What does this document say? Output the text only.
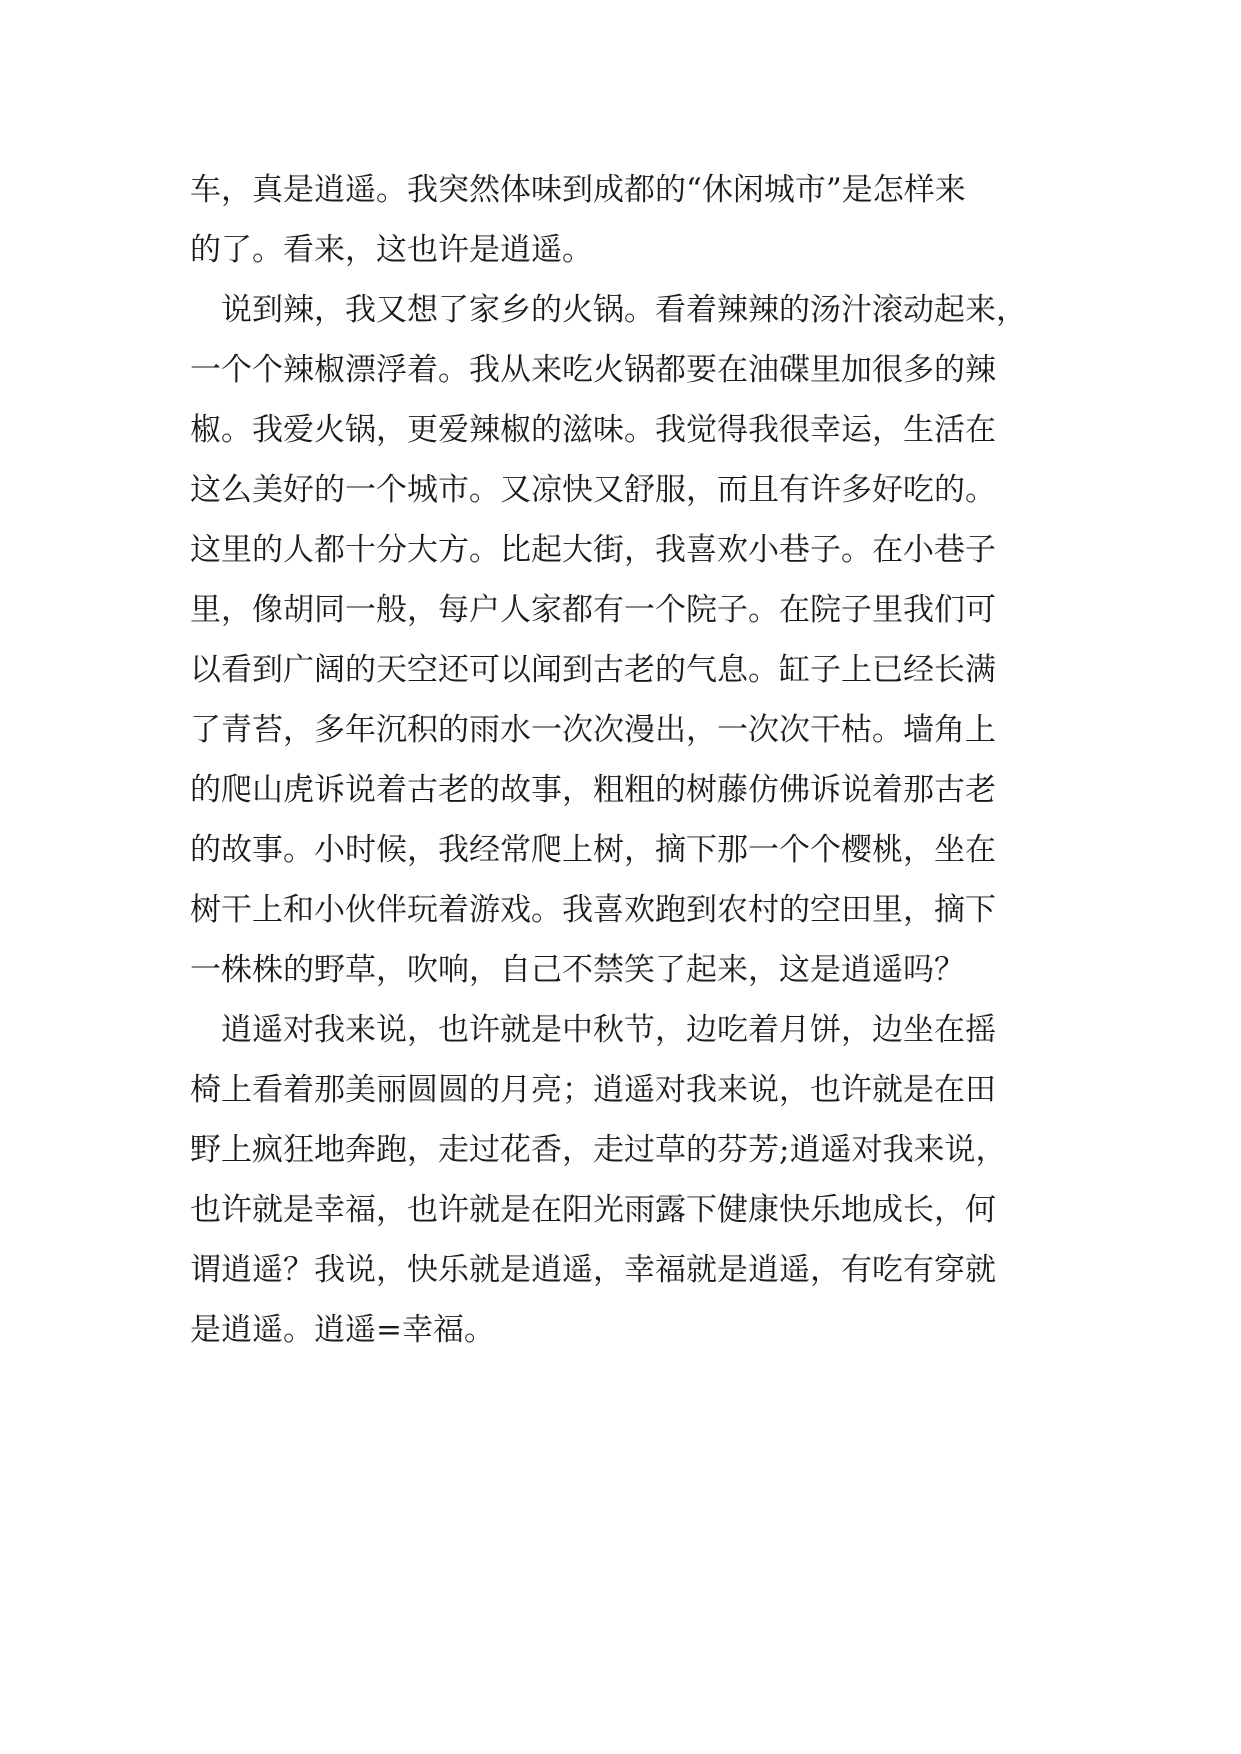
车，真是逍遥。我突然体味到成都的“休闲城市”是怎样来
的了。看来，这也许是逍遥。
说到辣，我又想了家乡的火锅。看着辣辣的汤汁滚动起来，
一个个辣椒漂浮着。我从来吃火锅都要在油碟里加很多的辣
椒。我爱火锅，更爱辣椒的滋味。我觉得我很幸运，生活在
这么美好的一个城市。又凉快又舒服，而且有许多好吃的。
这里的人都十分大方。比起大街，我喜欢小巷子。在小巷子
里，像胡同一般，每户人家都有一个院子。在院子里我们可
以看到广阔的天空还可以闻到古老的气息。缸子上已经长满
了青苔，多年沉积的雨水一次次漫出，一次次干枯。墙角上
的爬山虎诉说着古老的故事，粗粗的树藤仿佛诉说着那古老
的故事。小时候，我经常爬上树，摘下那一个个樱桃，坐在
树干上和小伙伴玩着游戏。我喜欢跑到农村的空田里，摘下
一株株的野草，吹响，自己不禁笑了起来，这是逍遥吗？
逍遥对我来说，也许就是中秋节，边吃着月饼，边坐在摇
椅上看着那美丽圆圆的月亮；逍遥对我来说，也许就是在田
野上疯狂地奔跑，走过花香，走过草的芬芳;逍遥对我来说，
也许就是幸福，也许就是在阳光雨露下健康快乐地成长，何
谓逍遥？我说，快乐就是逍遥，幸福就是逍遥，有吃有穿就
是逍遥。逍遥=幸福。
